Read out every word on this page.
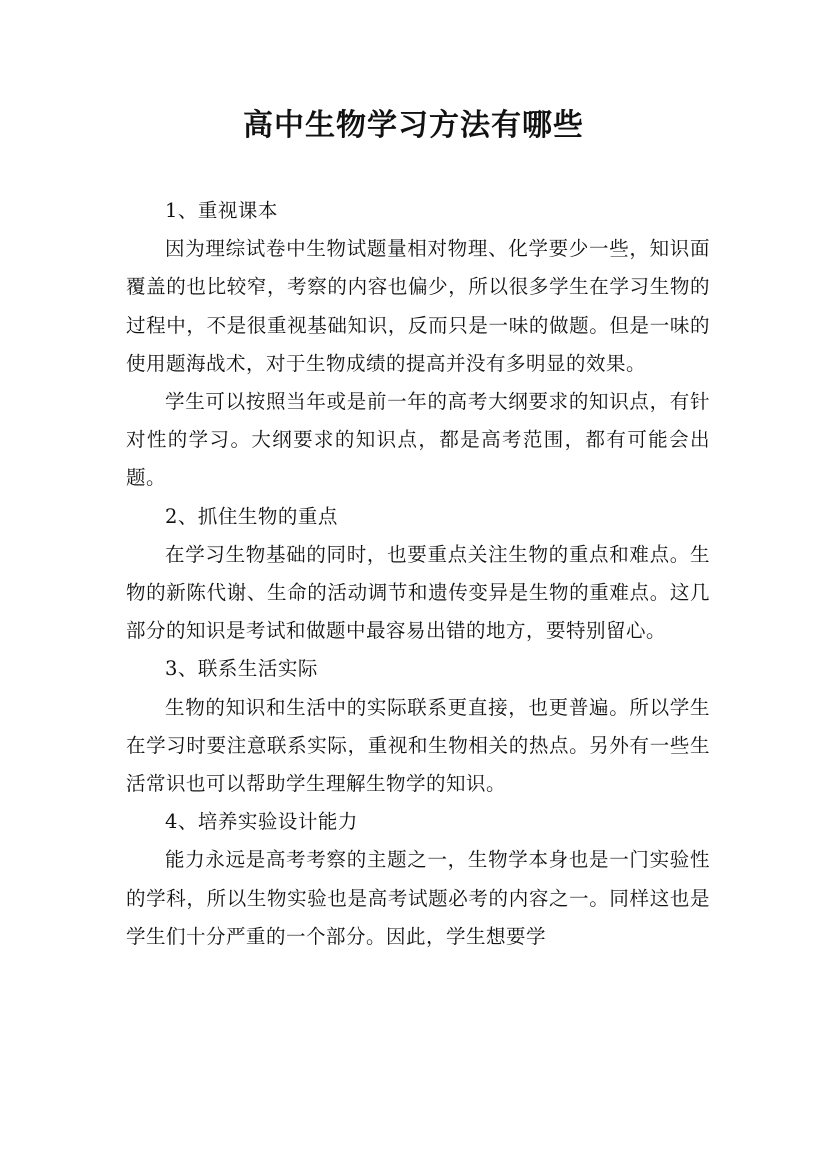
高中生物学习方法有哪些

1、重视课本

因为理综试卷中生物试题量相对物理、化学要少一些，知识面覆盖的也比较窄，考察的内容也偏少，所以很多学生在学习生物的过程中，不是很重视基础知识，反而只是一味的做题。但是一味的使用题海战术，对于生物成绩的提高并没有多明显的效果。

学生可以按照当年或是前一年的高考大纲要求的知识点，有针对性的学习。大纲要求的知识点，都是高考范围，都有可能会出题。

2、抓住生物的重点

在学习生物基础的同时，也要重点关注生物的重点和难点。生物的新陈代谢、生命的活动调节和遗传变异是生物的重难点。这几部分的知识是考试和做题中最容易出错的地方，要特别留心。

3、联系生活实际

生物的知识和生活中的实际联系更直接，也更普遍。所以学生在学习时要注意联系实际，重视和生物相关的热点。另外有一些生活常识也可以帮助学生理解生物学的知识。

4、培养实验设计能力

能力永远是高考考察的主题之一，生物学本身也是一门实验性的学科，所以生物实验也是高考试题必考的内容之一。同样这也是学生们十分严重的一个部分。因此，学生想要学
